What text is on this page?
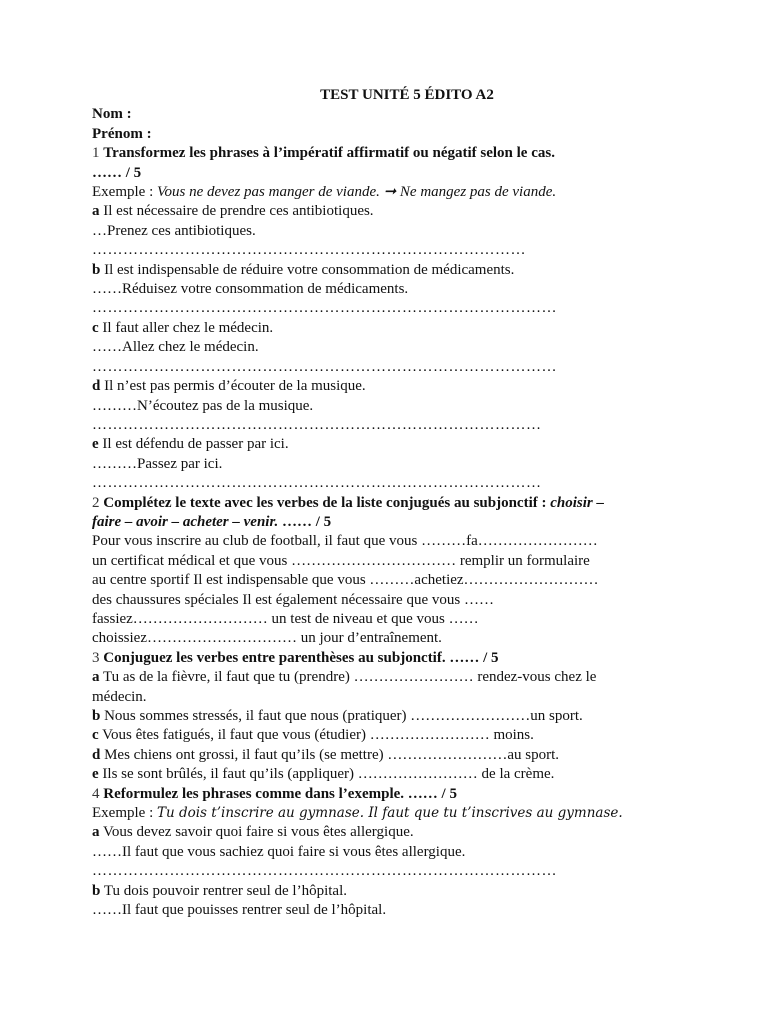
TEST UNITÉ 5 ÉDITO A2
Nom :
Prénom :
1 Transformez les phrases à l’impératif affirmatif ou négatif selon le cas.
…… / 5
Exemple : Vous ne devez pas manger de viande. ➞ Ne mangez pas de viande.
a Il est nécessaire de prendre ces antibiotiques.
…Prenez ces antibiotiques.
…………………………………………………………………………
b Il est indispensable de réduire votre consommation de médicaments.
……Réduisez votre consommation de médicaments.
………………………………………………………………………………
c Il faut aller chez le médecin.
……Allez chez le médecin.
………………………………………………………………………………
d Il n’est pas permis d’écouter de la musique.
………N’écoutez pas de la musique.
……………………………………………………………………………
e Il est défendu de passer par ici.
………Passez par ici.
……………………………………………………………………………
2 Complétez le texte avec les verbes de la liste conjugués au subjonctif : choisir –
faire – avoir – acheter – venir. …… / 5
Pour vous inscrire au club de football, il faut que vous ………fa……………………
un certificat médical et que vous …………………………… remplir un formulaire
au centre sportif Il est indispensable que vous ………achetiez………………………
des chaussures spéciales Il est également nécessaire que vous ……
fassiez……………………… un test de niveau et que vous ……
choissiez………………………… un jour d’entraînement.
3 Conjuguez les verbes entre parenthèses au subjonctif. …… / 5
a Tu as de la fièvre, il faut que tu (prendre) …………………… rendez-vous chez le
médecin.
b Nous sommes stressés, il faut que nous (pratiquer) ……………………un sport.
c Vous êtes fatigués, il faut que vous (étudier) …………………… moins.
d Mes chiens ont grossi, il faut qu’ils (se mettre) ……………………au sport.
e Ils se sont brûlés, il faut qu’ils (appliquer) …………………… de la crème.
4 Reformulez les phrases comme dans l’exemple. …… / 5
Exemple : Tu dois t’inscrire au gymnase. Il faut que tu t’inscrives au gymnase.
a Vous devez savoir quoi faire si vous êtes allergique.
……Il faut que vous sachiez quoi faire si vous êtes allergique.
………………………………………………………………………………
b Tu dois pouvoir rentrer seul de l’hôpital.
……Il faut que pouisses rentrer seul de l’hôpital.
